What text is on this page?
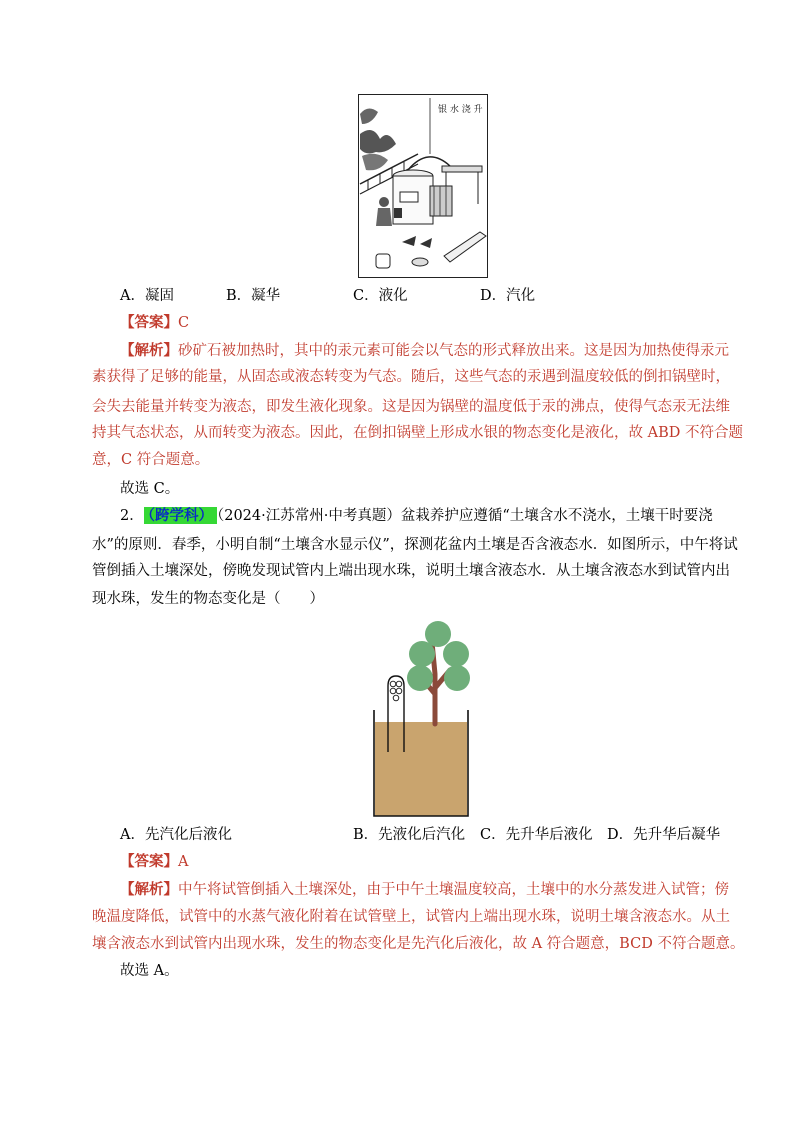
银 水 浇 升
A．凝固	B．凝华	C．液化	D．汽化
【答案】C
【解析】砂矿石被加热时，其中的汞元素可能会以气态的形式释放出来。这是因为加热使得汞元
素获得了足够的能量，从固态或液态转变为气态。随后，这些气态的汞遇到温度较低的倒扣锅壁时，
会失去能量并转变为液态，即发生液化现象。这是因为锅壁的温度低于汞的沸点，使得气态汞无法维
持其气态状态，从而转变为液态。因此，在倒扣锅壁上形成水银的物态变化是液化，故 ABD 不符合题
意，C 符合题意。
故选 C。
2． （跨学科） （2024·江苏常州·中考真题）盆栽养护应遵循“土壤含水不浇水，土壤干时要浇
水”的原则．春季，小明自制“土壤含水显示仪”，探测花盆内土壤是否含液态水．如图所示，中午将试
管倒插入土壤深处，傍晚发现试管内上端出现水珠，说明土壤含液态水．从土壤含液态水到试管内出
现水珠，发生的物态变化是（　　）
A．先汽化后液化	B．先液化后汽化 C．先升华后液化 D．先升华后凝华
【答案】A
【解析】中午将试管倒插入土壤深处，由于中午土壤温度较高，土壤中的水分蒸发进入试管；傍
晚温度降低，试管中的水蒸气液化附着在试管壁上，试管内上端出现水珠，说明土壤含液态水。从土
壤含液态水到试管内出现水珠，发生的物态变化是先汽化后液化，故 A 符合题意，BCD 不符合题意。
故选 A。
